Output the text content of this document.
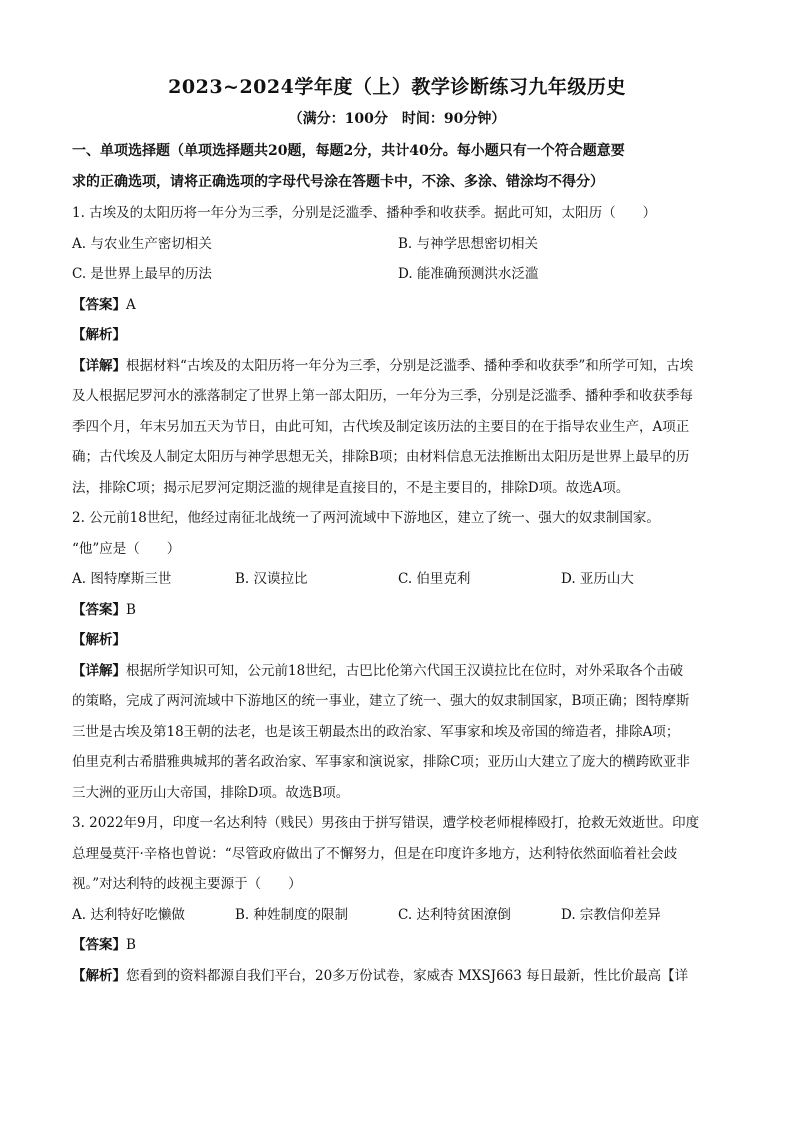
2023~2024学年度（上）教学诊断练习九年级历史
（满分：100分　时间：90分钟）
一、单项选择题（单项选择题共20题，每题2分，共计40分。每小题只有一个符合题意要
求的正确选项，请将正确选项的字母代号涂在答题卡中，不涂、多涂、错涂均不得分）
1. 古埃及的太阳历将一年分为三季，分别是泛滥季、播种季和收获季。据此可知，太阳历（　　）
A. 与农业生产密切相关	B. 与神学思想密切相关
C. 是世界上最早的历法	D. 能准确预测洪水泛滥
【答案】A
【解析】
【详解】根据材料“古埃及的太阳历将一年分为三季，分别是泛滥季、播种季和收获季”和所学可知，古埃
及人根据尼罗河水的涨落制定了世界上第一部太阳历，一年分为三季，分别是泛滥季、播种季和收获季每
季四个月，年末另加五天为节日，由此可知，古代埃及制定该历法的主要目的在于指导农业生产，A项正
确；古代埃及人制定太阳历与神学思想无关，排除B项；由材料信息无法推断出太阳历是世界上最早的历
法，排除C项；揭示尼罗河定期泛滥的规律是直接目的，不是主要目的，排除D项。故选A项。
2. 公元前18世纪，他经过南征北战统一了两河流域中下游地区，建立了统一、强大的奴隶制国家。
“他”应是（　　）
A. 图特摩斯三世	B. 汉谟拉比	C. 伯里克利	D. 亚历山大
【答案】B
【解析】
【详解】根据所学知识可知，公元前18世纪，古巴比伦第六代国王汉谟拉比在位时，对外采取各个击破
的策略，完成了两河流域中下游地区的统一事业，建立了统一、强大的奴隶制国家，B项正确；图特摩斯
三世是古埃及第18王朝的法老，也是该王朝最杰出的政治家、军事家和埃及帝国的缔造者，排除A项；
伯里克利古希腊雅典城邦的著名政治家、军事家和演说家，排除C项；亚历山大建立了庞大的横跨欧亚非
三大洲的亚历山大帝国，排除D项。故选B项。
3. 2022年9月，印度一名达利特（贱民）男孩由于拼写错误，遭学校老师棍棒殴打，抢救无效逝世。印度
总理曼莫汗·辛格也曾说：“尽管政府做出了不懈努力，但是在印度许多地方，达利特依然面临着社会歧
视。”对达利特的歧视主要源于（　　）
A. 达利特好吃懒做	B. 种姓制度的限制	C. 达利特贫困潦倒	D. 宗教信仰差异
【答案】B
【解析】您看到的资料都源自我们平台，20多万份试卷，家威杏 MXSJ663 每日最新，性比价最高【详
